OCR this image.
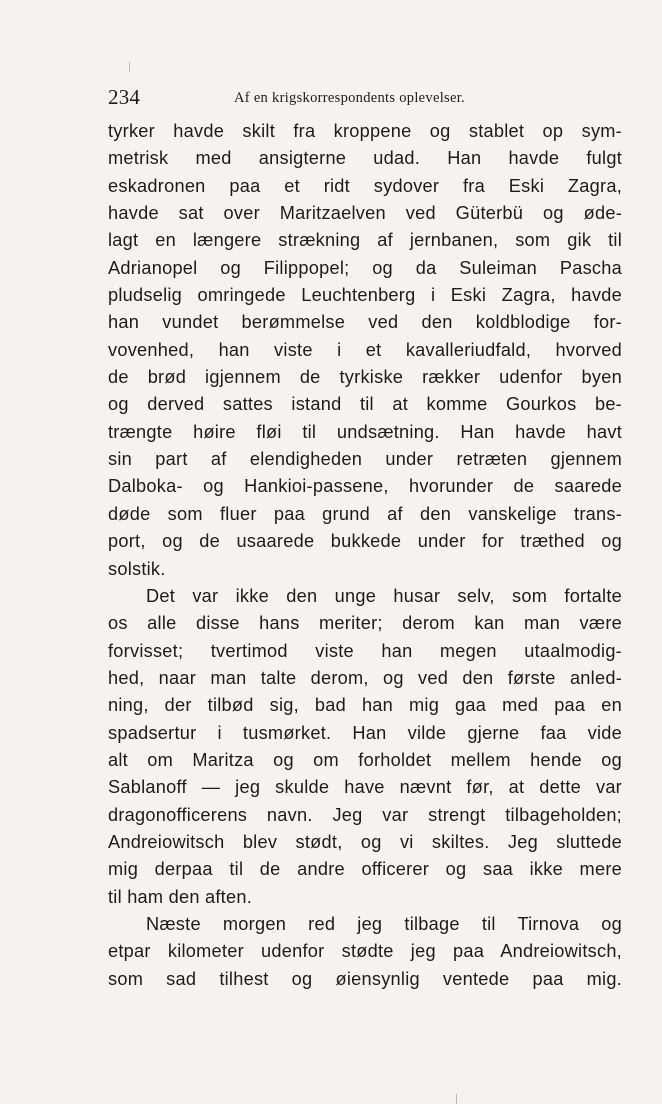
234	Af en krigskorrespondents oplevelser.
tyrker havde skilt fra kroppene og stablet op sym-
metrisk med ansigterne udad. Han havde fulgt
eskadronen paa et ridt sydover fra Eski Zagra,
havde sat over Maritzaelven ved Güterbü og øde-
lagt en længere strækning af jernbanen, som gik til
Adrianopel og Filippopel; og da Suleiman Pascha
pludselig omringede Leuchtenberg i Eski Zagra, havde
han vundet berømmelse ved den koldblodige for-
vovenhed, han viste i et kavalleriudfald, hvorved
de brød igjennem de tyrkiske rækker udenfor byen
og derved sattes istand til at komme Gourkos be-
trængte høire fløi til undsætning. Han havde havt
sin part af elendigheden under retræten gjennem
Dalboka- og Hankioi-passene, hvorunder de saarede
døde som fluer paa grund af den vanskelige trans-
port, og de usaarede bukkede under for træthed og
solstik.
Det var ikke den unge husar selv, som fortalte
os alle disse hans meriter; derom kan man være
forvisset; tvertimod viste han megen utaalmodig-
hed, naar man talte derom, og ved den første anled-
ning, der tilbød sig, bad han mig gaa med paa en
spadsertur i tusmørket. Han vilde gjerne faa vide
alt om Maritza og om forholdet mellem hende og
Sablanoff — jeg skulde have nævnt før, at dette var
dragonofficerens navn. Jeg var strengt tilbageholden;
Andreiowitsch blev stødt, og vi skiltes. Jeg sluttede
mig derpaa til de andre officerer og saa ikke mere
til ham den aften.
Næste morgen red jeg tilbage til Tirnova og
etpar kilometer udenfor stødte jeg paa Andreiowitsch,
som sad tilhest og øiensynlig ventede paa mig.
